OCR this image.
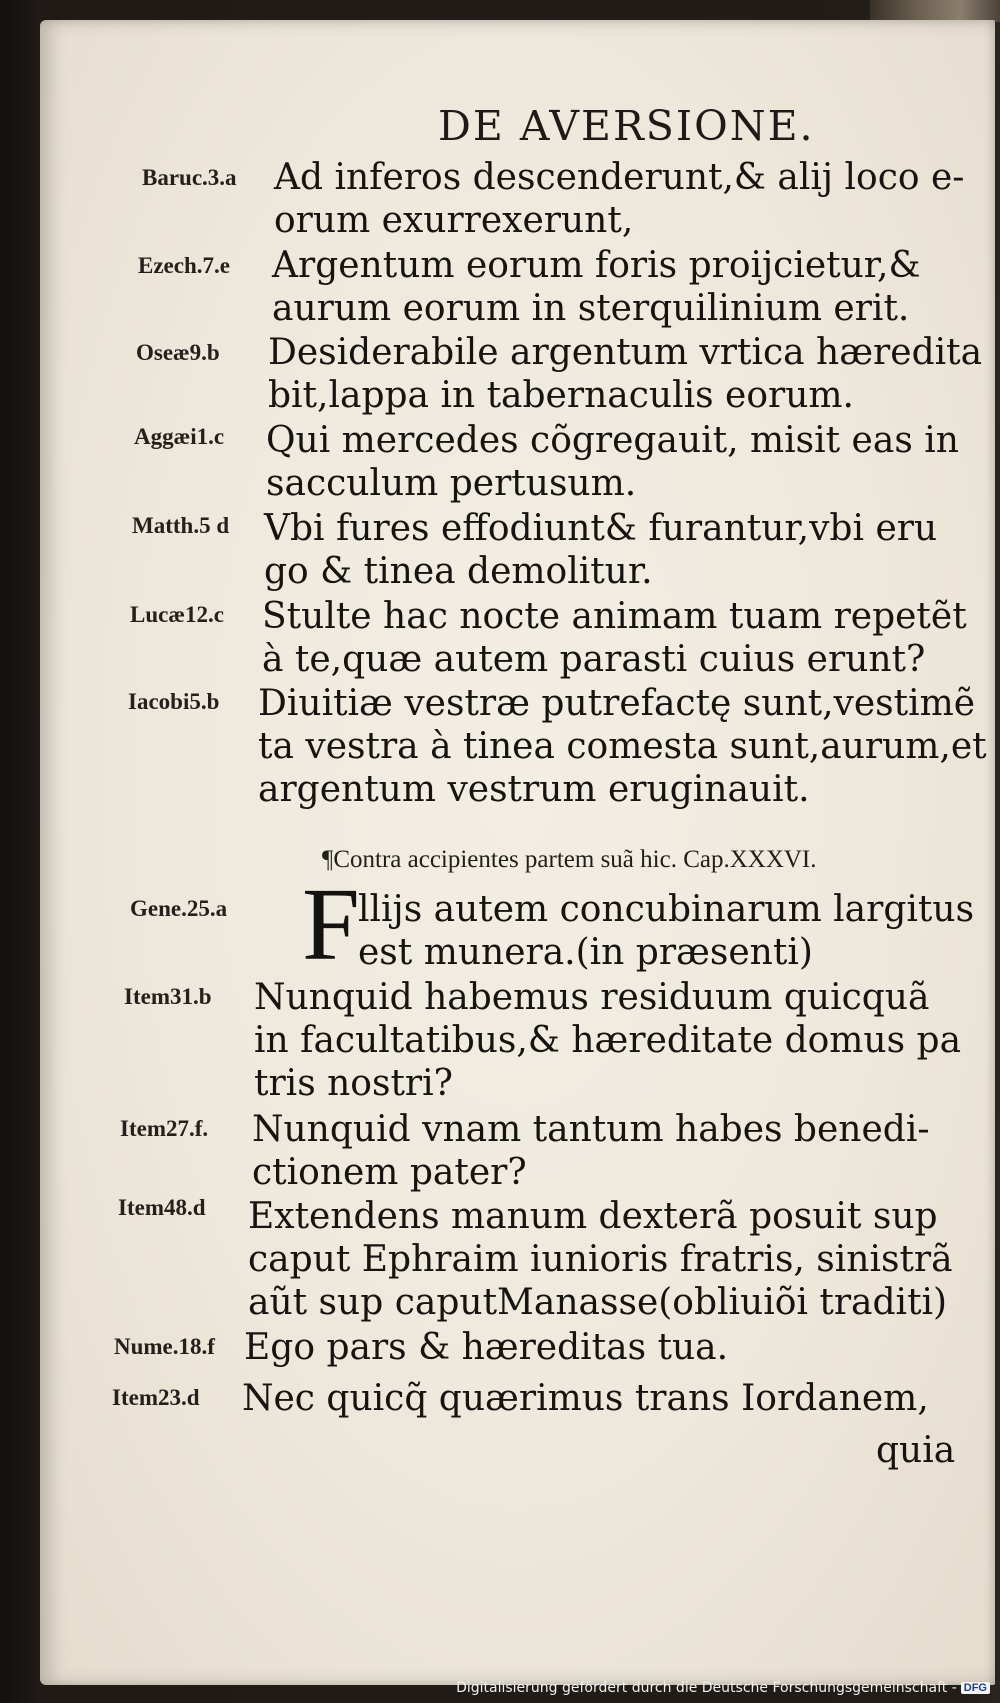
DE AVERSIONE.
Baruc.3.a Ad inferos descenderunt,& alij loco e-
orum exurrexerunt,
Ezech.7.e Argentum eorum foris proijcietur,&
aurum eorum in sterquilinium erit.
Oseæ9.b Desiderabile argentum vrtica hæredita
bit,lappa in tabernaculis eorum.
Aggæi1.c Qui mercedes cõgregauit, misit eas in
sacculum pertusum.
Matth.5 d Vbi fures effodiunt& furantur,vbi eru
go & tinea demolitur.
Lucæ12.c Stulte hac nocte animam tuam repetẽt
à te,quæ autem parasti cuius erunt?
Iacobi5.b Diuitiæ vestræ putrefactę sunt,vestimẽ
ta vestra à tinea comesta sunt,aurum,et
argentum vestrum eruginauit.
¶Contra accipientes partem suã hic. Cap.XXXVI.
F
Gene.25.a	llijs autem concubinarum largitus
est munera.(in præsenti)
Item31.b Nunquid habemus residuum quicquã
in facultatibus,& hæreditate domus pa
tris nostri?
Item27.f. Nunquid vnam tantum habes benedi-
ctionem pater?
Item48.d Extendens manum dexterã posuit sup
caput Ephraim iunioris fratris, sinistrã
aũt sup caputManasse(obliuiõi traditi)
Nume.18.f Ego pars & hæreditas tua.
Item23.d Nec quicq̃ quærimus trans Iordanem,
quia
Digitalisierung gefördert durch die Deutsche Forschungsgemeinschaft - DFG
